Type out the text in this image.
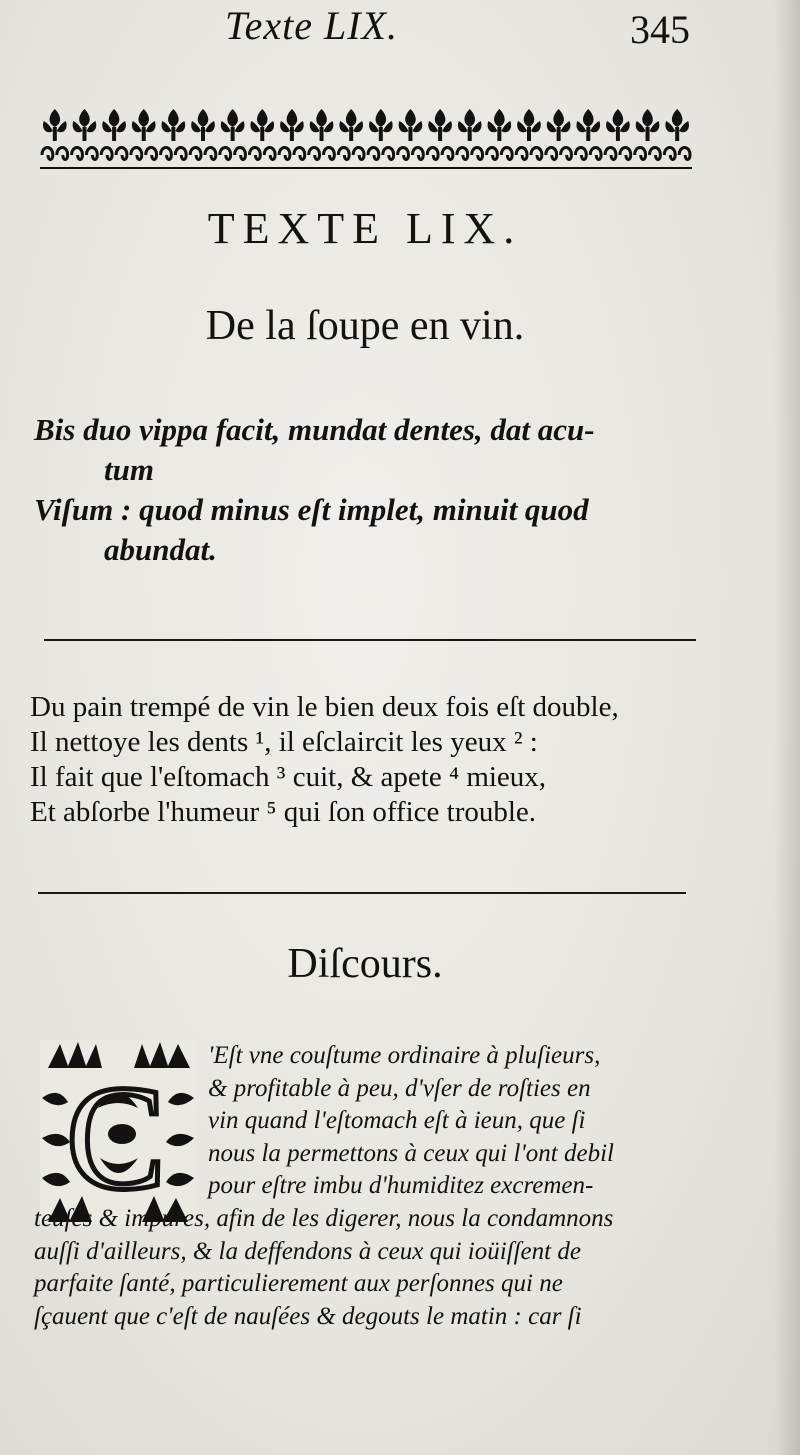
Texte LIX.	345
TEXTE LIX.
De la ſoupe en vin.
Bis duo vippa facit, mundat dentes, dat acu-
tum
Viſum : quod minus eſt implet, minuit quod
abundat.
Du pain trempé de vin le bien deux fois eſt double,
Il nettoye les dents ¹, il eſclaircit les yeux ² :
Il fait que l'eſtomach ³ cuit, & apete ⁴ mieux,
Et abſorbe l'humeur ⁵ qui ſon office trouble.
Diſcours.
C	'Eſt vne couſtume ordinaire à pluſieurs,
& profitable à peu, d'vſer de roſties en
vin quand l'eſtomach eſt à ieun, que ſi
nous la permettons à ceux qui l'ont debil
pour eſtre imbu d'humiditez excremen-
teuſes & impures, afin de les digerer, nous la condamnons
auſſi d'ailleurs, & la deffendons à ceux qui ioüiſſent de
parfaite ſanté, particulierement aux perſonnes qui ne
ſçauent que c'eſt de nauſées & degouts le matin : car ſi
